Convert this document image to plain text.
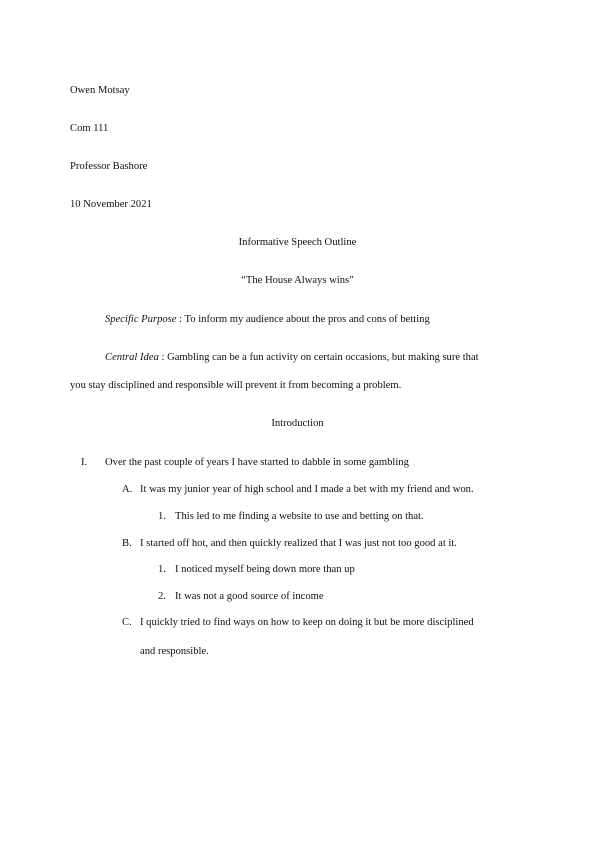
Owen Motsay
Com 111
Professor Bashore
10 November 2021
Informative Speech Outline
“The House Always wins”
Specific Purpose : To inform my audience about the pros and cons of betting
Central Idea : Gambling can be a fun activity on certain occasions, but making sure that
you stay disciplined and responsible will prevent it from becoming a problem.
Introduction
I. Over the past couple of years I have started to dabble in some gambling
A. It was my junior year of high school and I made a bet with my friend and won.
1. This led to me finding a website to use and betting on that.
B. I started off hot, and then quickly realized that I was just not too good at it.
1. I noticed myself being down more than up
2. It was not a good source of income
C. I quickly tried to find ways on how to keep on doing it but be more disciplined
and responsible.
